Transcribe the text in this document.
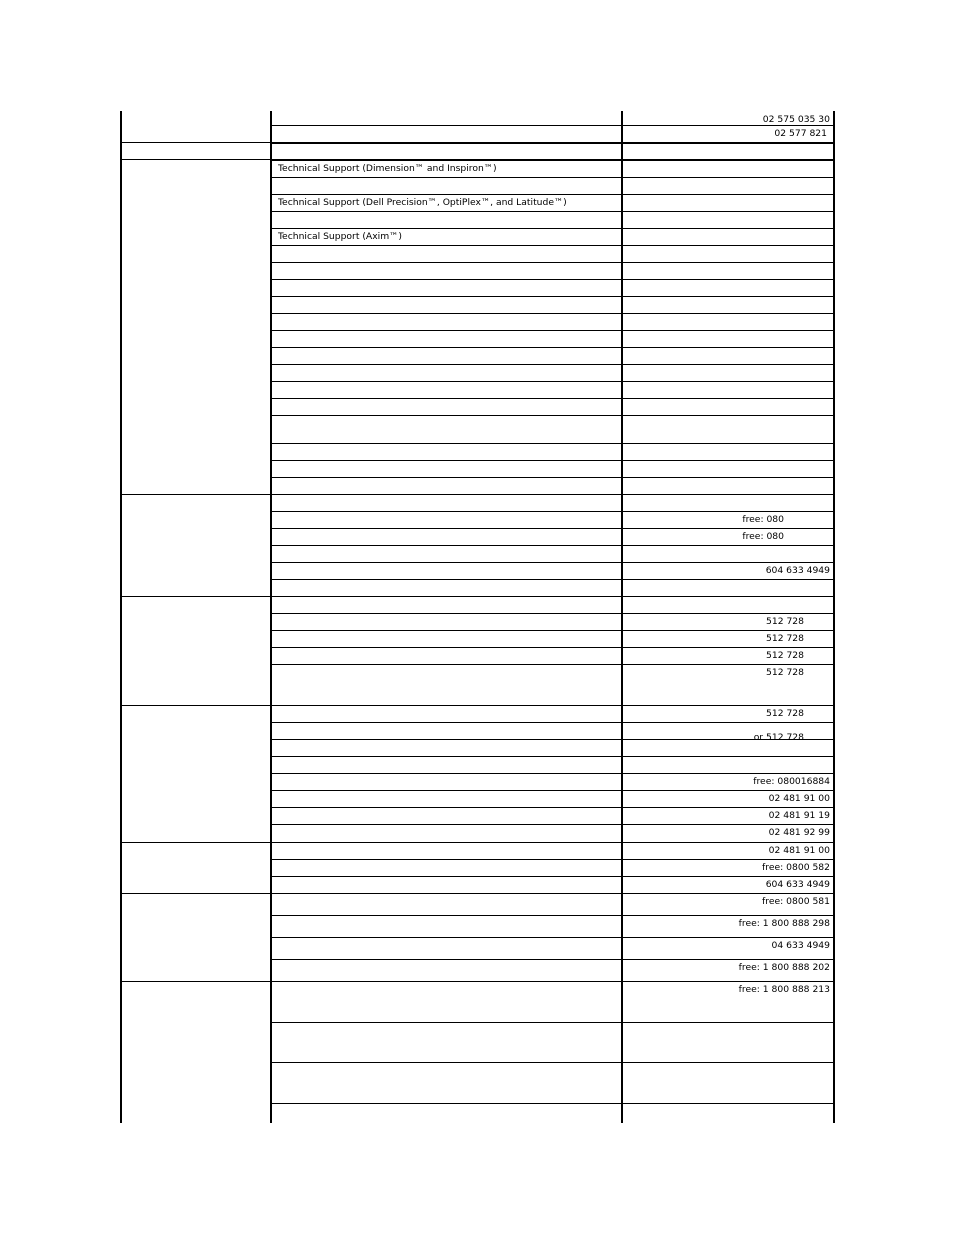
Technical Support (Dimension™ and Inspiron™)
Technical Support (Dell Precision™, OptiPlex™, and Latitude™)
Technical Support (Axim™)
02 575 035 30
02 577 821
free: 080
free: 080
604 633 4949
512 728
512 728
512 728
512 728
512 728
or 512 728
free: 080016884
02 481 91 00
02 481 91 19
02 481 92 99
02 481 91 00
free: 0800 582
604 633 4949
free: 0800 581
free: 1 800 888 298
04 633 4949
free: 1 800 888 202
free: 1 800 888 213
